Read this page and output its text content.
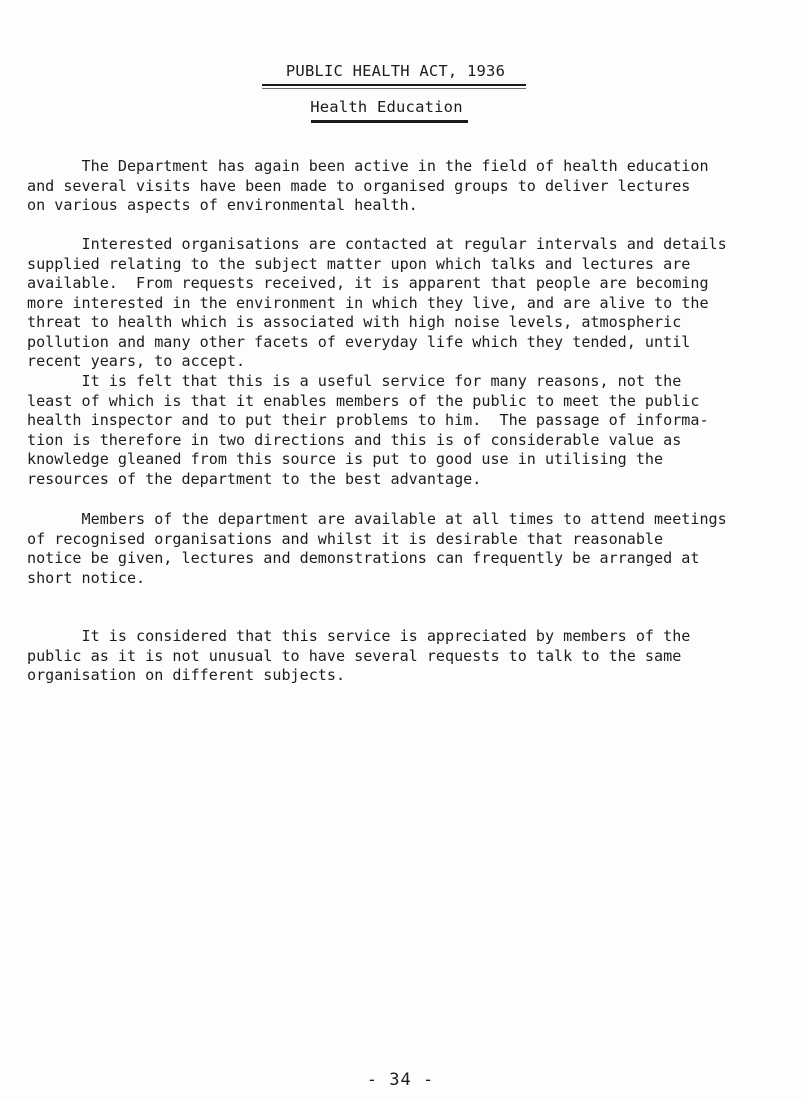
PUBLIC HEALTH ACT, 1936
Health Education

The Department has again been active in the field of health education
and several visits have been made to organised groups to deliver lectures
on various aspects of environmental health.

Interested organisations are contacted at regular intervals and details
supplied relating to the subject matter upon which talks and lectures are
available.  From requests received, it is apparent that people are becoming
more interested in the environment in which they live, and are alive to the
threat to health which is associated with high noise levels, atmospheric
pollution and many other facets of everyday life which they tended, until
recent years, to accept.

It is felt that this is a useful service for many reasons, not the
least of which is that it enables members of the public to meet the public
health inspector and to put their problems to him.  The passage of informa-
tion is therefore in two directions and this is of considerable value as
knowledge gleaned from this source is put to good use in utilising the
resources of the department to the best advantage.

Members of the department are available at all times to attend meetings
of recognised organisations and whilst it is desirable that reasonable
notice be given, lectures and demonstrations can frequently be arranged at
short notice.

It is considered that this service is appreciated by members of the
public as it is not unusual to have several requests to talk to the same
organisation on different subjects.

- 34 -
